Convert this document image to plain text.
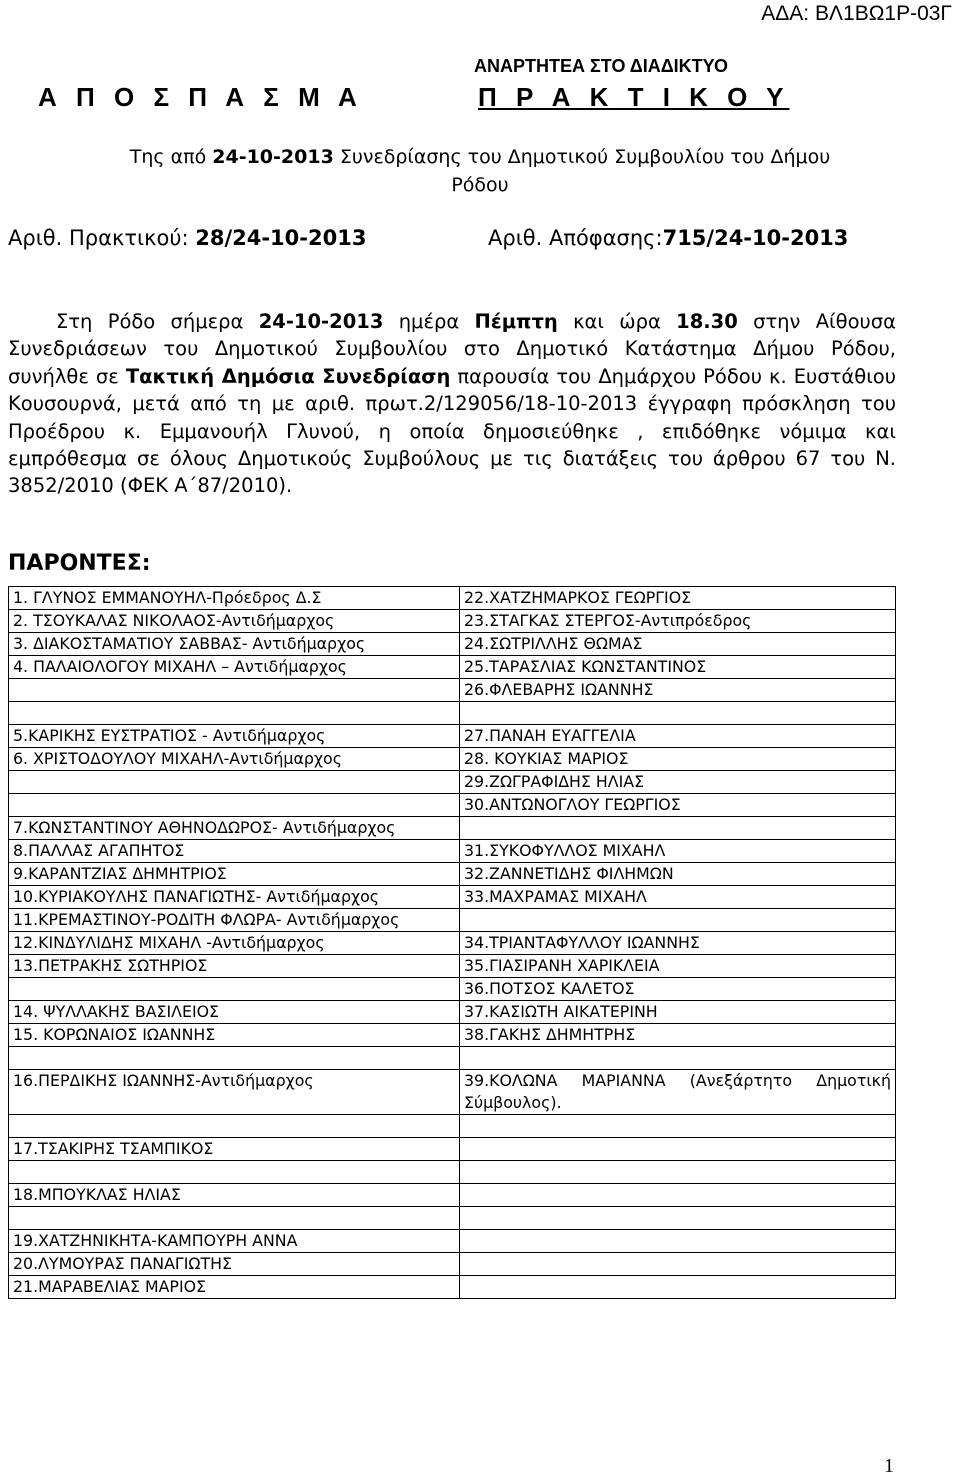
ΑΔΑ: ΒΛ1ΒΩ1Ρ-03Γ
ΑΝΑΡΤΗΤΕΑ ΣΤΟ ΔΙΑΔΙΚΤΥΟ
Α Π Ο Σ Π Α Σ Μ Α	Π Ρ Α Κ Τ Ι Κ Ο Υ
Της από 24-10-2013 Συνεδρίασης του Δημοτικού Συμβουλίου του Δήμου
Ρόδου
Αριθ. Πρακτικού: 28/24-10-2013	Αριθ. Απόφασης:715/24-10-2013
Στη Ρόδο σήμερα 24-10-2013 ημέρα Πέμπτη και ώρα 18.30 στην Αίθουσα Συνεδριάσεων του Δημοτικού Συμβουλίου στο Δημοτικό Κατάστημα Δήμου Ρόδου, συνήλθε σε Τακτική Δημόσια Συνεδρίαση παρουσία του Δημάρχου Ρόδου κ. Ευστάθιου Κουσουρνά, μετά από τη με αριθ. πρωτ.2/129056/18-10-2013 έγγραφη πρόσκληση του Προέδρου κ. Εμμανουήλ Γλυνού, η οποία δημοσιεύθηκε , επιδόθηκε νόμιμα και εμπρόθεσμα σε όλους Δημοτικούς Συμβούλους με τις διατάξεις του άρθρου 67 του Ν. 3852/2010 (ΦΕΚ Α΄87/2010).
ΠΑΡΟΝΤΕΣ:
1. ΓΛΥΝΟΣ ΕΜΜΑΝΟΥΗΛ-Πρόεδρος Δ.Σ	22.ΧΑΤΖΗΜΑΡΚΟΣ ΓΕΩΡΓΙΟΣ
2. ΤΣΟΥΚΑΛΑΣ ΝΙΚΟΛΑΟΣ-Αντιδήμαρχος	23.ΣΤΑΓΚΑΣ ΣΤΕΡΓΟΣ-Αντιπρόεδρος
3. ΔΙΑΚΟΣΤΑΜΑΤΙΟΥ ΣΑΒΒΑΣ- Αντιδήμαρχος	24.ΣΩΤΡΙΛΛΗΣ ΘΩΜΑΣ
4. ΠΑΛΑΙΟΛΟΓΟΥ ΜΙΧΑΗΛ – Αντιδήμαρχος	25.ΤΑΡΑΣΛΙΑΣ ΚΩΝΣΤΑΝΤΙΝΟΣ
	26.ΦΛΕΒΑΡΗΣ ΙΩΑΝΝΗΣ

5.ΚΑΡΙΚΗΣ ΕΥΣΤΡΑΤΙΟΣ - Αντιδήμαρχος	27.ΠΑΝΑΗ ΕΥΑΓΓΕΛΙΑ
6. ΧΡΙΣΤΟΔΟΥΛΟΥ ΜΙΧΑΗΛ-Αντιδήμαρχος	28. ΚΟΥΚΙΑΣ ΜΑΡΙΟΣ
	29.ΖΩΓΡΑΦΙΔΗΣ ΗΛΙΑΣ
	30.ΑΝΤΩΝΟΓΛΟΥ ΓΕΩΡΓΙΟΣ
7.ΚΩΝΣΤΑΝΤΙΝΟΥ ΑΘΗΝΟΔΩΡΟΣ- Αντιδήμαρχος	
8.ΠΑΛΛΑΣ ΑΓΑΠΗΤΟΣ	31.ΣΥΚΟΦΥΛΛΟΣ ΜΙΧΑΗΛ
9.ΚΑΡΑΝΤΖΙΑΣ ΔΗΜΗΤΡΙΟΣ	32.ΖΑΝΝΕΤΙΔΗΣ ΦΙΛΗΜΩΝ
10.ΚΥΡΙΑΚΟΥΛΗΣ ΠΑΝΑΓΙΩΤΗΣ- Αντιδήμαρχος	33.ΜΑΧΡΑΜΑΣ ΜΙΧΑΗΛ
11.ΚΡΕΜΑΣΤΙΝΟΥ-ΡΟΔΙΤΗ ΦΛΩΡΑ- Αντιδήμαρχος	
12.ΚΙΝΔΥΛΙΔΗΣ ΜΙΧΑΗΛ -Αντιδήμαρχος	34.ΤΡΙΑΝΤΑΦΥΛΛΟΥ ΙΩΑΝΝΗΣ
13.ΠΕΤΡΑΚΗΣ ΣΩΤΗΡΙΟΣ	35.ΓΙΑΣΙΡΑΝΗ ΧΑΡΙΚΛΕΙΑ
	36.ΠΟΤΣΟΣ ΚΑΛΕΤΟΣ
14. ΨΥΛΛΑΚΗΣ ΒΑΣΙΛΕΙΟΣ	37.ΚΑΣΙΩΤΗ ΑΙΚΑΤΕΡΙΝΗ
15. ΚΟΡΩΝΑΙΟΣ ΙΩΑΝΝΗΣ	38.ΓΑΚΗΣ ΔΗΜΗΤΡΗΣ

16.ΠΕΡΔΙΚΗΣ ΙΩΑΝΝΗΣ-Αντιδήμαρχος	39.ΚΟΛΩΝΑ ΜΑΡΙΑΝΝΑ (Ανεξάρτητο Δημοτική Σύμβουλος).

17.ΤΣΑΚΙΡΗΣ ΤΣΑΜΠΙΚΟΣ	

18.ΜΠΟΥΚΛΑΣ ΗΛΙΑΣ	

19.ΧΑΤΖΗΝΙΚΗΤΑ-ΚΑΜΠΟΥΡΗ ΑΝΝΑ	
20.ΛΥΜΟΥΡΑΣ ΠΑΝΑΓΙΩΤΗΣ	
21.ΜΑΡΑΒΕΛΙΑΣ ΜΑΡΙΟΣ	
1
